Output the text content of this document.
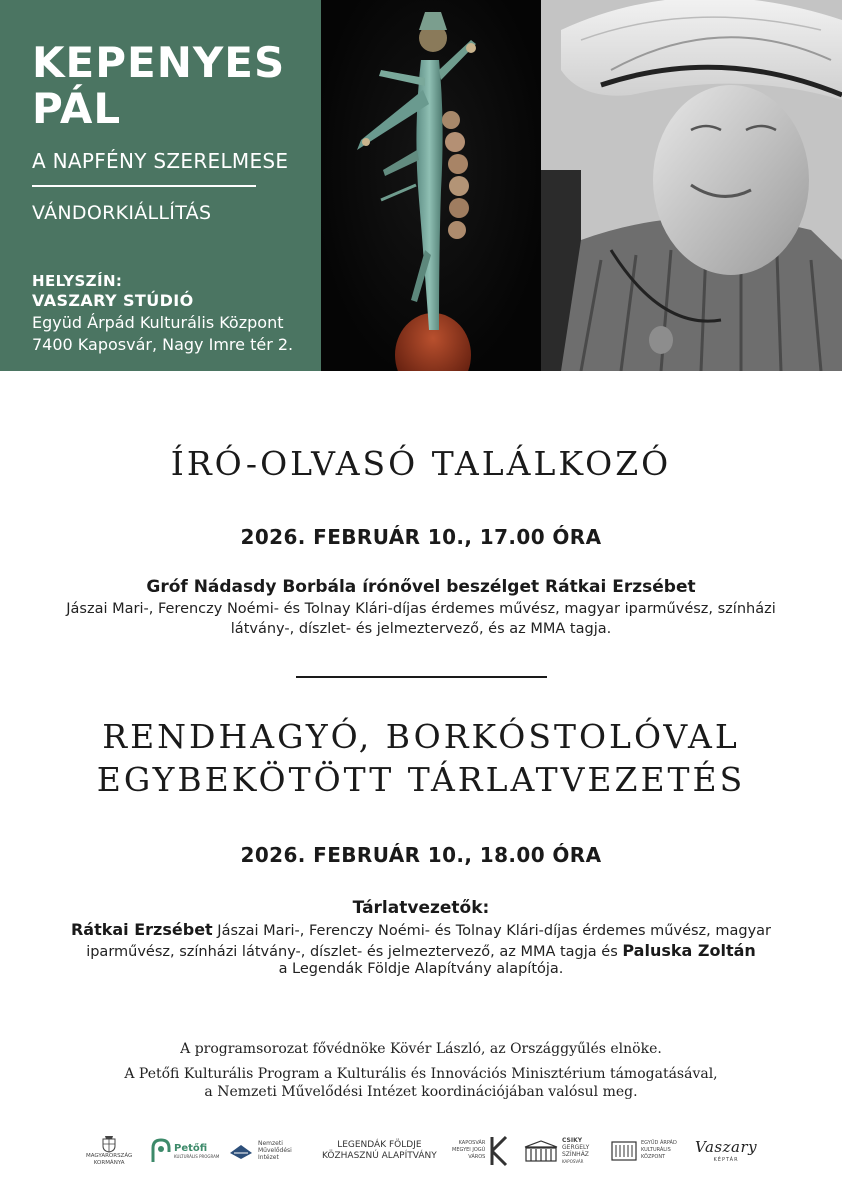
KEPENYES
PÁL
A NAPFÉNY SZERELMESE
VÁNDORKIÁLLÍTÁS
HELYSZÍN:
VASZARY STÚDIÓ
Együd Árpád Kulturális Központ
7400 Kaposvár, Nagy Imre tér 2.
ÍRÓ-OLVASÓ TALÁLKOZÓ
2026. FEBRUÁR 10., 17.00 ÓRA
Gróf Nádasdy Borbála írónővel beszélget Rátkai Erzsébet
Jászai Mari-, Ferenczy Noémi- és Tolnay Klári-díjas érdemes művész, magyar iparművész, színházi
látvány-, díszlet- és jelmeztervező, és az MMA tagja.
RENDHAGYÓ, BORKÓSTOLÓVAL
EGYBEKÖTÖTT TÁRLATVEZETÉS
2026. FEBRUÁR 10., 18.00 ÓRA
Tárlatvezetők:
Rátkai Erzsébet Jászai Mari-, Ferenczy Noémi- és Tolnay Klári-díjas érdemes művész, magyar
iparművész, színházi látvány-, díszlet- és jelmeztervező, az MMA tagja és Paluska Zoltán
a Legendák Földje Alapítvány alapítója.
A programsorozat fővédnöke Kövér László, az Országgyűlés elnöke.
A Petőfi Kulturális Program a Kulturális és Innovációs Minisztérium támogatásával,
a Nemzeti Művelődési Intézet koordinációjában valósul meg.
MAGYARORSZÁG
KORMÁNYA
Petőfi
KULTURÁLIS PROGRAM
Nemzeti
Művelődési
Intézet
LEGENDÁK FÖLDJE
KÖZHASZNÚ ALAPÍTVÁNY
KAPOSVÁR
MEGYEI JOGÚ
VÁROS
CSIKY
GERGELY
SZÍNHÁZ
KAPOSVÁR
EGYÜD ÁRPÁD
KULTURÁLIS
KÖZPONT
Vaszary
KÉPTÁR
